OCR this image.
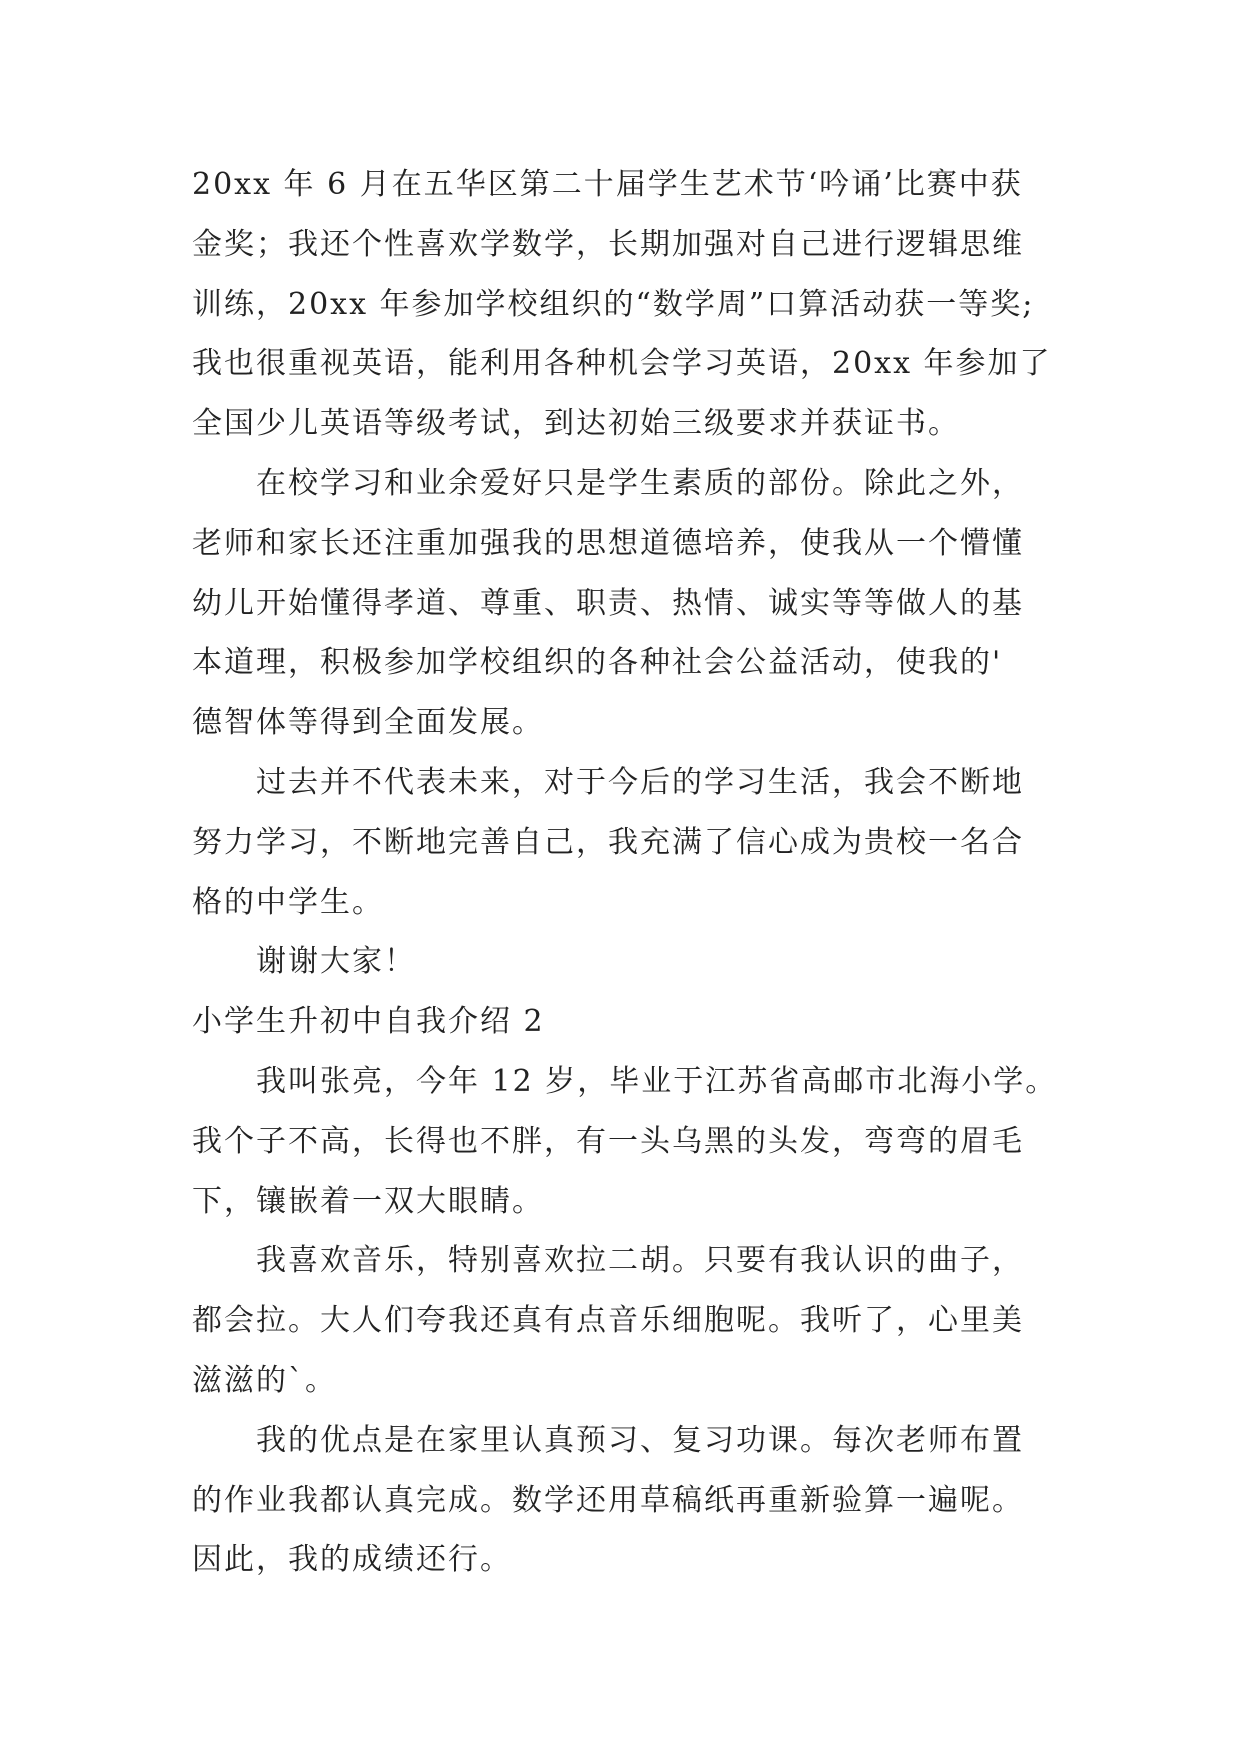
20xx 年 6 月在五华区第二十届学生艺术节‘吟诵’比赛中获
金奖；我还个性喜欢学数学，长期加强对自己进行逻辑思维
训练，20xx 年参加学校组织的“数学周”口算活动获一等奖;
我也很重视英语，能利用各种机会学习英语，20xx 年参加了
全国少儿英语等级考试，到达初始三级要求并获证书。
在校学习和业余爱好只是学生素质的部份。除此之外，
老师和家长还注重加强我的思想道德培养，使我从一个懵懂
幼儿开始懂得孝道、尊重、职责、热情、诚实等等做人的基
本道理，积极参加学校组织的各种社会公益活动，使我的'
德智体等得到全面发展。
过去并不代表未来，对于今后的学习生活，我会不断地
努力学习，不断地完善自己，我充满了信心成为贵校一名合
格的中学生。
谢谢大家！
小学生升初中自我介绍 2
我叫张亮，今年 12 岁，毕业于江苏省高邮市北海小学。
我个子不高，长得也不胖，有一头乌黑的头发，弯弯的眉毛
下，镶嵌着一双大眼睛。
我喜欢音乐，特别喜欢拉二胡。只要有我认识的曲子，
都会拉。大人们夸我还真有点音乐细胞呢。我听了，心里美
滋滋的`。
我的优点是在家里认真预习、复习功课。每次老师布置
的作业我都认真完成。数学还用草稿纸再重新验算一遍呢。
因此，我的成绩还行。
